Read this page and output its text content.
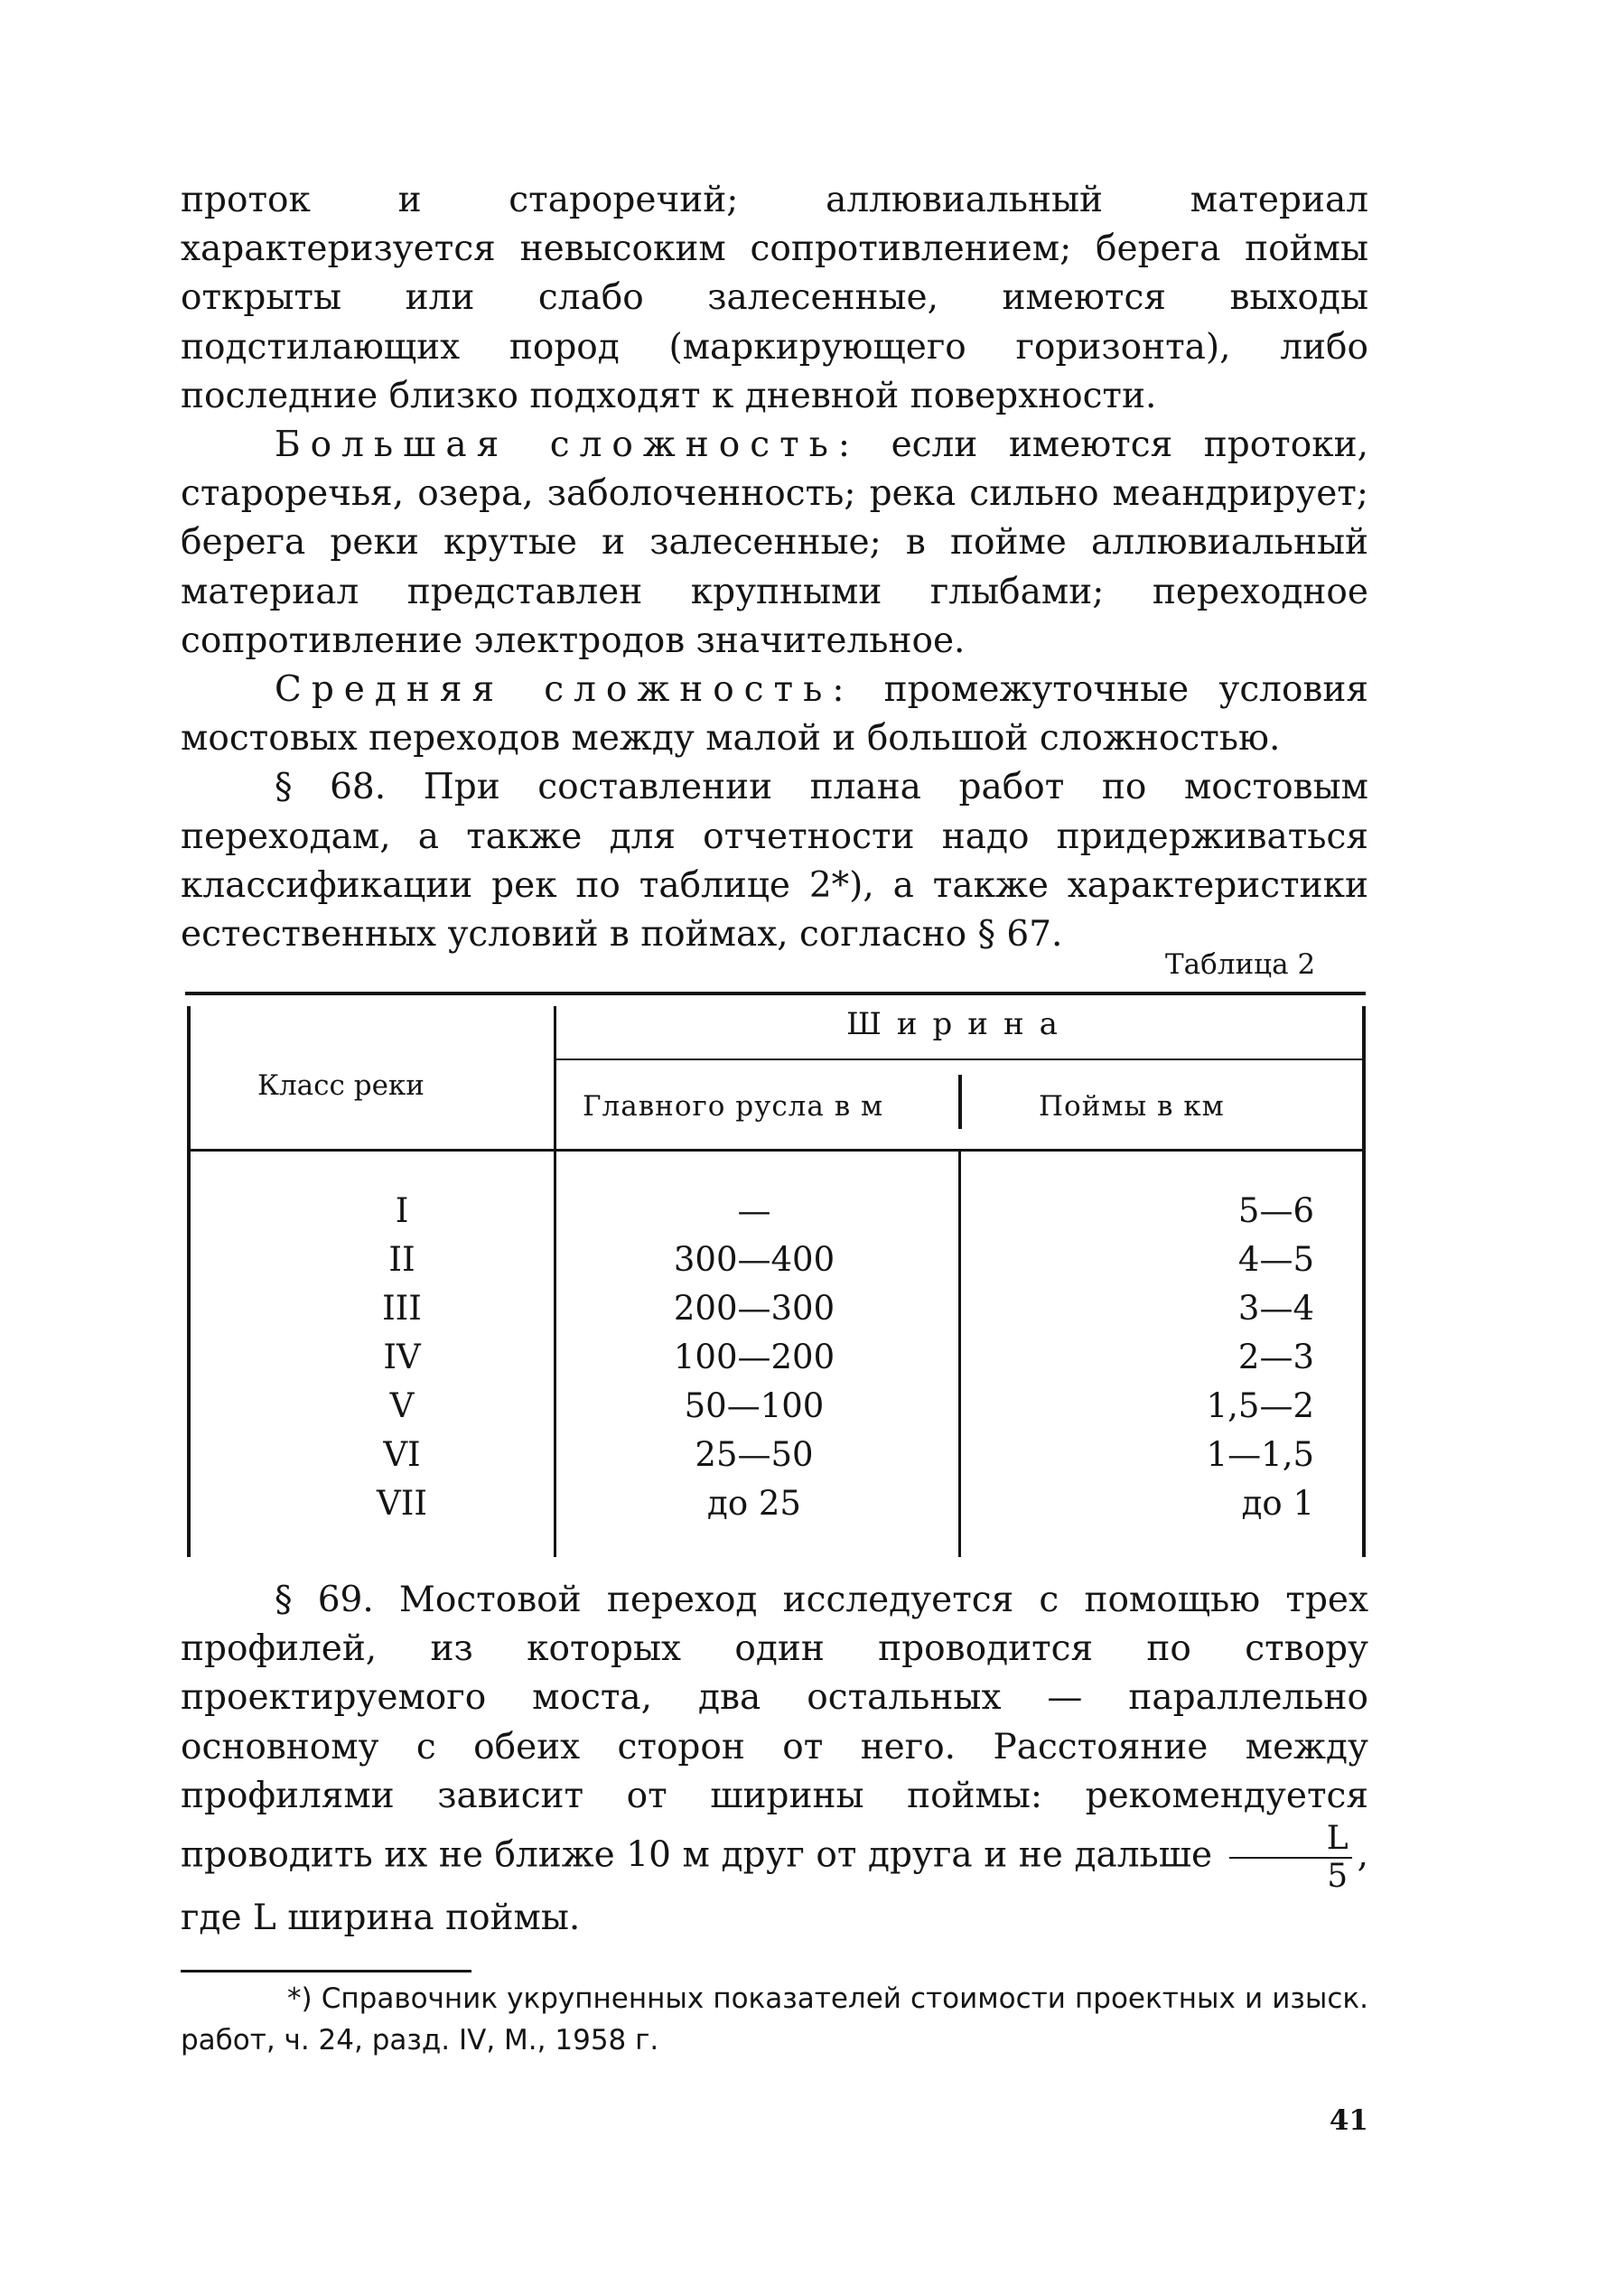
проток и староречий; аллювиальный материал характеризуется невысоким сопротивлением; берега поймы открыты или слабо залесенные, имеются выходы подстилающих пород (маркирующего горизонта), либо последние близко подходят к дневной поверхности.

Большая сложность: если имеются протоки, староречья, озера, заболоченность; река сильно меандрирует; берега реки крутые и залесенные; в пойме аллювиальный материал представлен крупными глыбами; переходное сопротивление электродов значительное.

Средняя сложность: промежуточные условия мостовых переходов между малой и большой сложностью.

§ 68. При составлении плана работ по мостовым переходам, а также для отчетности надо придерживаться классификации рек по таблице 2*), а также характеристики естественных условий в поймах, согласно § 67.

Таблица 2
Ширина
Класс реки
Главного русла в м	Поймы в км
I	—	5—6
II	300—400	4—5
III	200—300	3—4
IV	100—200	2—3
V	50—100	1,5—2
VI	25—50	1—1,5
VII	до 25	до 1

§ 69. Мостовой переход исследуется с помощью трех профилей, из которых один проводится по створу проектируемого моста, два остальных — параллельно основному с обеих сторон от него. Расстояние между профилями зависит от ширины поймы: рекомендуется проводить их не ближе 10 м друг от друга и не дальше $\frac{L}{5}$ , где L ширина поймы.

*) Справочник укрупненных показателей стоимости проектных и изыск. работ, ч. 24, разд. IV, М., 1958 г.
41
